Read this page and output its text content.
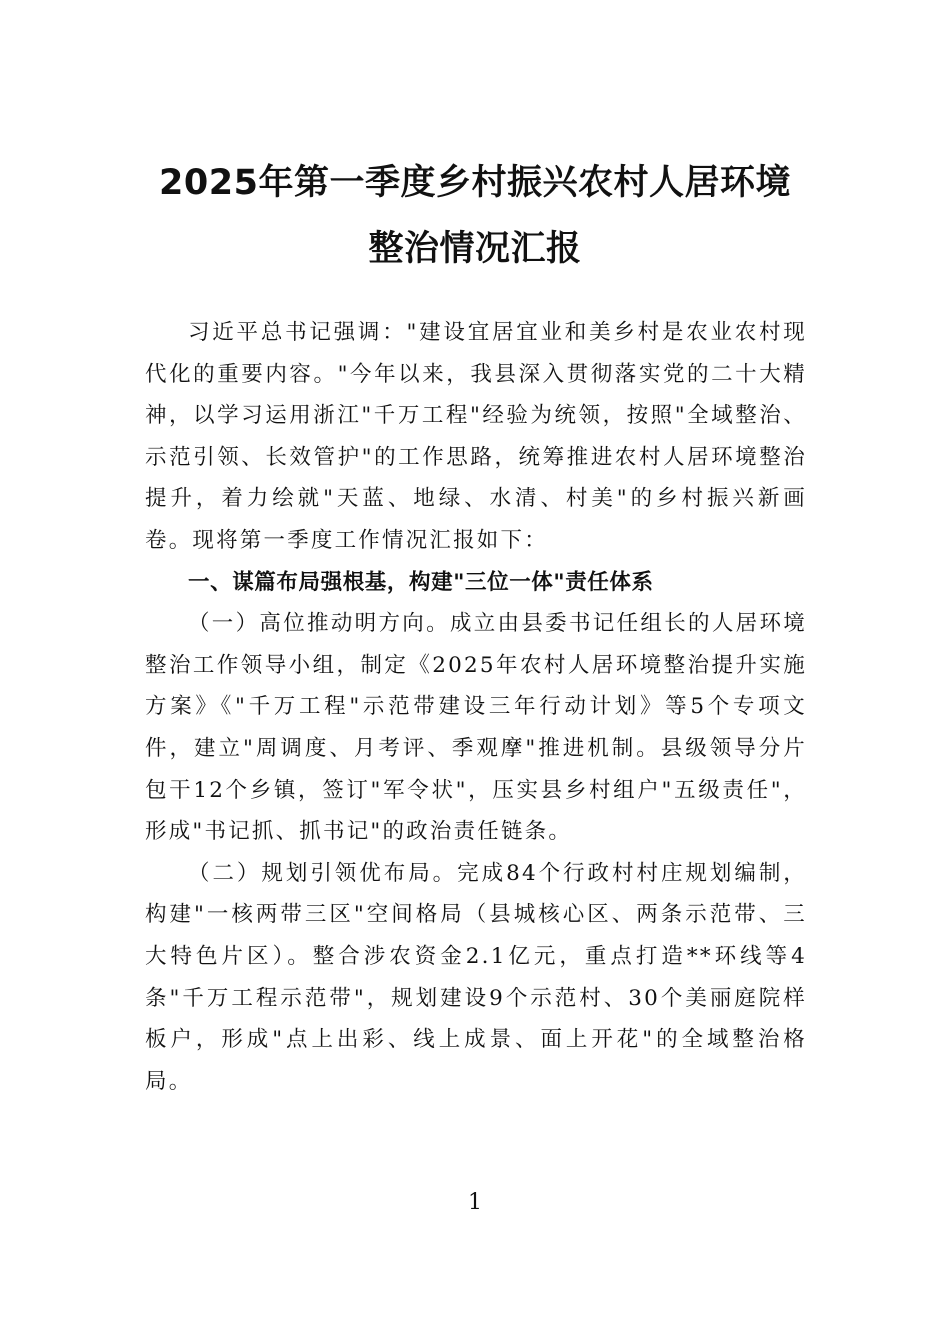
2025年第一季度乡村振兴农村人居环境整治情况汇报

习近平总书记强调："建设宜居宜业和美乡村是农业农村现代化的重要内容。"今年以来，我县深入贯彻落实党的二十大精神，以学习运用浙江"千万工程"经验为统领，按照"全域整治、示范引领、长效管护"的工作思路，统筹推进农村人居环境整治提升，着力绘就"天蓝、地绿、水清、村美"的乡村振兴新画卷。现将第一季度工作情况汇报如下：

一、谋篇布局强根基，构建"三位一体"责任体系

（一）高位推动明方向。成立由县委书记任组长的人居环境整治工作领导小组，制定《2025年农村人居环境整治提升实施方案》《"千万工程"示范带建设三年行动计划》等5个专项文件，建立"周调度、月考评、季观摩"推进机制。县级领导分片包干12个乡镇，签订"军令状"，压实县乡村组户"五级责任"，形成"书记抓、抓书记"的政治责任链条。

（二）规划引领优布局。完成84个行政村村庄规划编制，构建"一核两带三区"空间格局（县城核心区、两条示范带、三大特色片区）。整合涉农资金2.1亿元，重点打造**环线等4条"千万工程示范带"，规划建设9个示范村、30个美丽庭院样板户，形成"点上出彩、线上成景、面上开花"的全域整治格局。

1
